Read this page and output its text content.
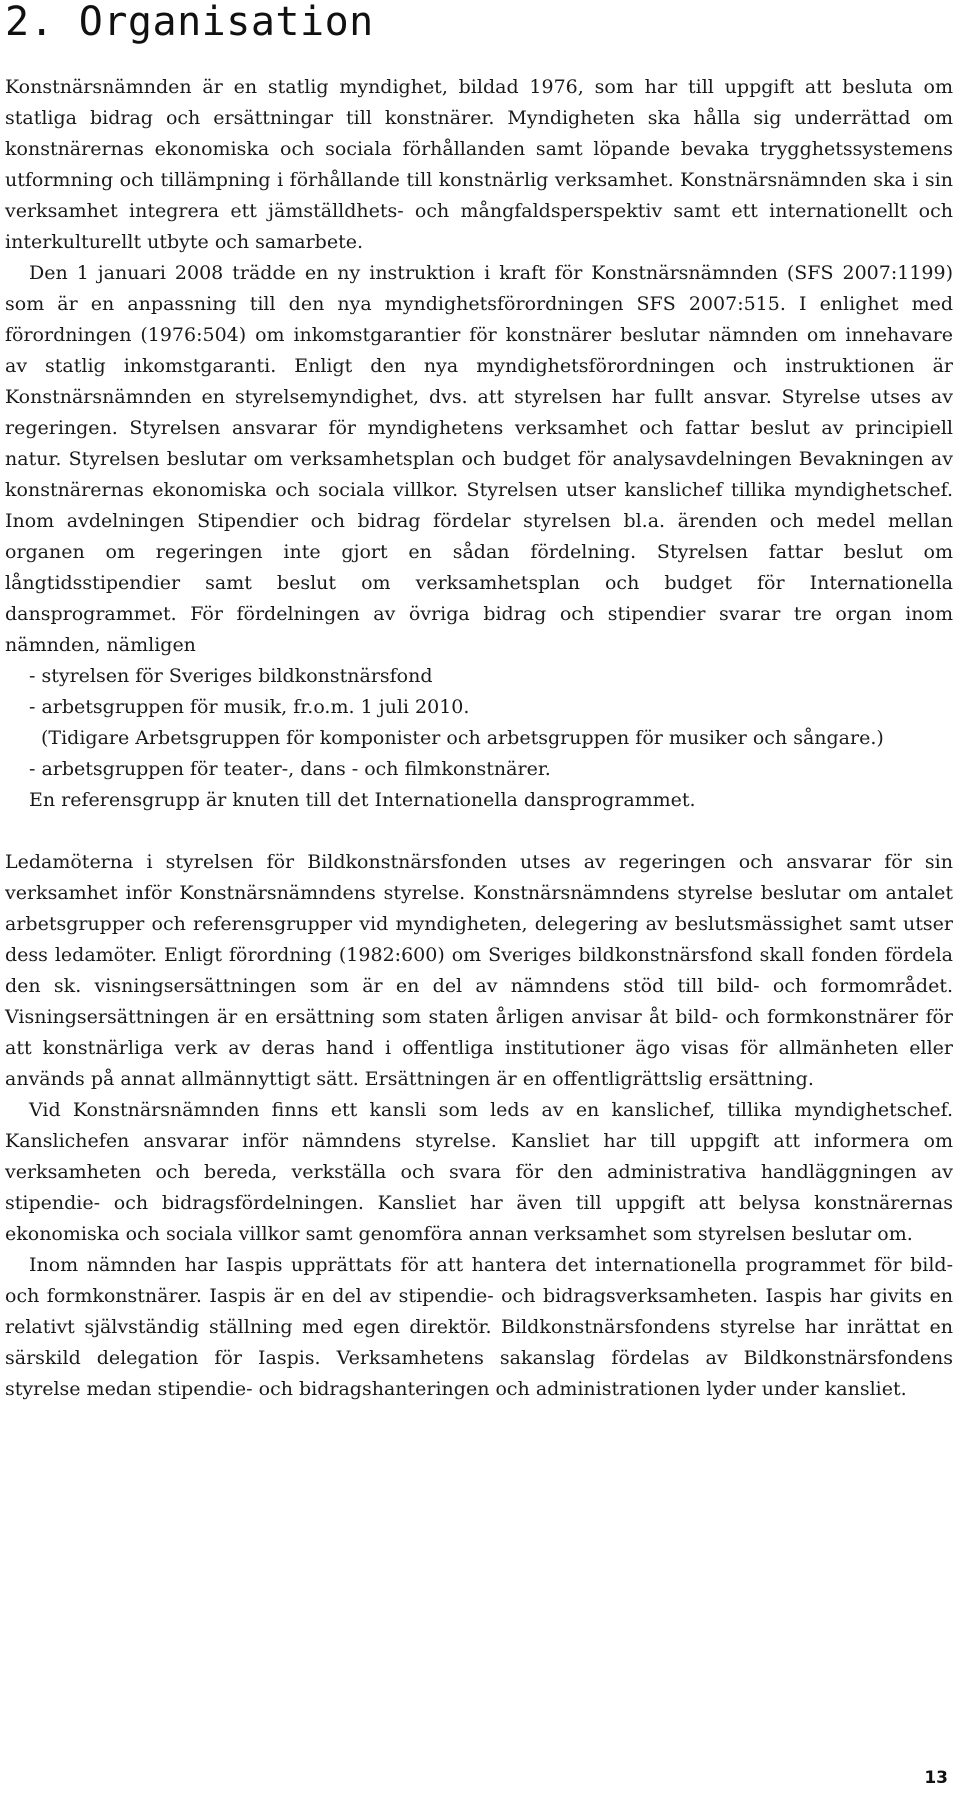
2. Organisation

Konstnärsnämnden är en statlig myndighet, bildad 1976, som har till uppgift att besluta om statliga bidrag och ersättningar till konstnärer. Myndigheten ska hålla sig underrättad om konstnärernas ekonomiska och sociala förhållanden samt löpande bevaka trygghetssystemens utformning och tillämpning i förhållande till konstnärlig verksamhet. Konstnärsnämnden ska i sin verksamhet integrera ett jämställdhets- och mångfaldsperspektiv samt ett internationellt och interkulturellt utbyte och samarbete.

Den 1 januari 2008 trädde en ny instruktion i kraft för Konstnärsnämnden (SFS 2007:1199) som är en anpassning till den nya myndighetsförordningen SFS 2007:515. I enlighet med förordningen (1976:504) om inkomstgarantier för konstnärer beslutar nämnden om innehavare av statlig inkomstgaranti. Enligt den nya myndighetsförordningen och instruktionen är Konstnärsnämnden en styrelsemyndighet, dvs. att styrelsen har fullt ansvar. Styrelse utses av regeringen. Styrelsen ansvarar för myndighetens verksamhet och fattar beslut av principiell natur. Styrelsen beslutar om verksamhetsplan och budget för analysavdelningen Bevakningen av konstnärernas ekonomiska och sociala villkor. Styrelsen utser kanslichef tillika myndighetschef. Inom avdelningen Stipendier och bidrag fördelar styrelsen bl.a. ärenden och medel mellan organen om regeringen inte gjort en sådan fördelning. Styrelsen fattar beslut om långtidsstipendier samt beslut om verksamhetsplan och budget för Internationella dansprogrammet. För fördelningen av övriga bidrag och stipendier svarar tre organ inom nämnden, nämligen

- styrelsen för Sveriges bildkonstnärsfond
- arbetsgruppen för musik, fr.o.m. 1 juli 2010.
(Tidigare Arbetsgruppen för komponister och arbetsgruppen för musiker och sångare.)
- arbetsgruppen för teater-, dans - och filmkonstnärer.
En referensgrupp är knuten till det Internationella dansprogrammet.

Ledamöterna i styrelsen för Bildkonstnärsfonden utses av regeringen och ansvarar för sin verksamhet inför Konstnärsnämndens styrelse. Konstnärsnämndens styrelse beslutar om antalet arbetsgrupper och referensgrupper vid myndigheten, delegering av beslutsmässighet samt utser dess ledamöter. Enligt förordning (1982:600) om Sveriges bildkonstnärsfond skall fonden fördela den sk. visningsersättningen som är en del av nämndens stöd till bild- och formområdet. Visningsersättningen är en ersättning som staten årligen anvisar åt bild- och formkonstnärer för att konstnärliga verk av deras hand i offentliga institutioner ägo visas för allmänheten eller används på annat allmännyttigt sätt. Ersättningen är en offentligrättslig ersättning.

Vid Konstnärsnämnden finns ett kansli som leds av en kanslichef, tillika myndighetschef. Kanslichefen ansvarar inför nämndens styrelse. Kansliet har till uppgift att informera om verksamheten och bereda, verkställa och svara för den administrativa handläggningen av stipendie- och bidragsfördelningen. Kansliet har även till uppgift att belysa konstnärernas ekonomiska och sociala villkor samt genomföra annan verksamhet som styrelsen beslutar om.

Inom nämnden har Iaspis upprättats för att hantera det internationella programmet för bild- och formkonstnärer. Iaspis är en del av stipendie- och bidragsverksamheten. Iaspis har givits en relativt självständig ställning med egen direktör. Bildkonstnärsfondens styrelse har inrättat en särskild delegation för Iaspis. Verksamhetens sakanslag fördelas av Bildkonstnärsfondens styrelse medan stipendie- och bidragshanteringen och administrationen lyder under kansliet.

13
